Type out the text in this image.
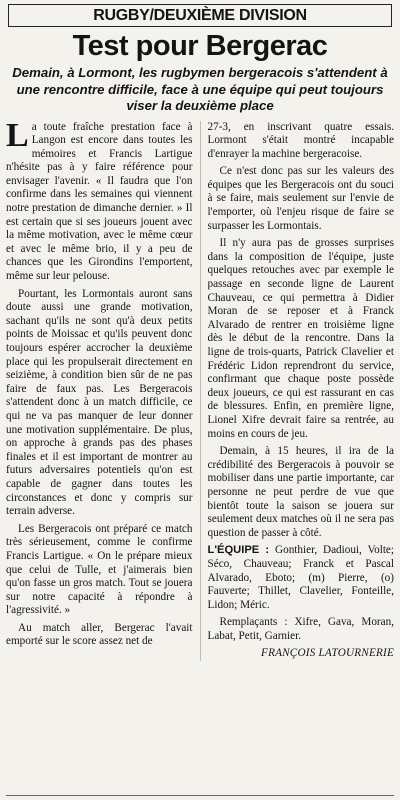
RUGBY/DEUXIÈME DIVISION
Test pour Bergerac
Demain, à Lormont, les rugbymen bergeracois s'attendent à une rencontre difficile, face à une équipe qui peut toujours viser la deuxième place

La toute fraîche prestation face à Langon est encore dans toutes les mémoires et Francis Lartigue n'hésite pas à y faire référence pour envisager l'avenir. « Il faudra que l'on confirme dans les semaines qui viennent notre prestation de dimanche dernier. » Il est certain que si ses joueurs jouent avec la même motivation, avec le même cœur et avec le même brio, il y a peu de chances que les Girondins l'emportent, même sur leur pelouse.

Pourtant, les Lormontais auront sans doute aussi une grande motivation, sachant qu'ils ne sont qu'à deux petits points de Moissac et qu'ils peuvent donc toujours espérer accrocher la deuxième place qui les propulserait directement en seizième, à condition bien sûr de ne pas faire de faux pas. Les Bergeracois s'attendent donc à un match difficile, ce qui ne va pas manquer de leur donner une motivation supplémentaire. De plus, on approche à grands pas des phases finales et il est important de montrer au futurs adversaires potentiels qu'on est capable de gagner dans toutes les circonstances et donc y compris sur terrain adverse.

Les Bergeracois ont préparé ce match très sérieusement, comme le confirme Francis Lartigue. « On le prépare mieux que celui de Tulle, et j'aimerais bien qu'on fasse un gros match. Tout se jouera sur notre capacité à répondre à l'agressivité. »

Au match aller, Bergerac l'avait emporté sur le score assez net de

27-3, en inscrivant quatre essais. Lormont s'était montré incapable d'enrayer la machine bergeracoise.

Ce n'est donc pas sur les valeurs des équipes que les Bergeracois ont du souci à se faire, mais seulement sur l'envie de l'emporter, où l'enjeu risque de faire se surpasser les Lormontais.

Il n'y aura pas de grosses surprises dans la composition de l'équipe, juste quelques retouches avec par exemple le passage en seconde ligne de Laurent Chauveau, ce qui permettra à Didier Moran de se reposer et à Franck Alvarado de rentrer en troisième ligne dès le début de la rencontre. Dans la ligne de trois-quarts, Patrick Clavelier et Frédéric Lidon reprendront du service, confirmant que chaque poste possède deux joueurs, ce qui est rassurant en cas de blessures. Enfin, en première ligne, Lionel Xifre devrait faire sa rentrée, au moins en cours de jeu.

Demain, à 15 heures, il ira de la crédibilité des Bergeracois à pouvoir se mobiliser dans une partie importante, car personne ne peut perdre de vue que bientôt toute la saison se jouera sur seulement deux matches où il ne sera pas question de passer à côté.

L'ÉQUIPE : Gonthier, Dadioui, Volte; Séco, Chauveau; Franck et Pascal Alvarado, Eboto; (m) Pierre, (o) Fauverte; Thillet, Clavelier, Fonteille, Lidon; Méric.

Remplaçants : Xifre, Gava, Moran, Labat, Petit, Garnier.

FRANÇOIS LATOURNERIE
